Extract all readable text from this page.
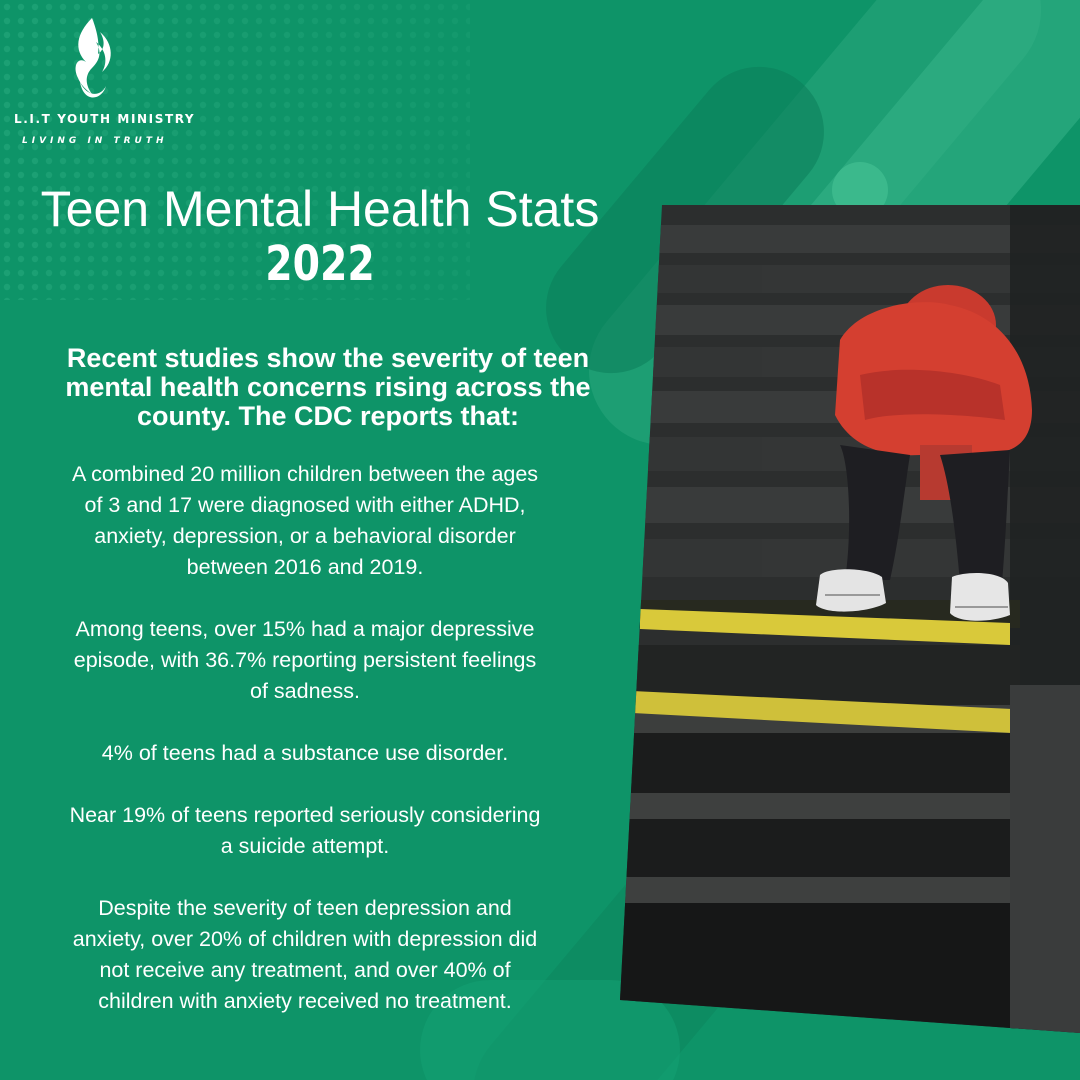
L.I.T YOUTH MINISTRY
LIVING IN TRUTH
Teen Mental Health Stats
2022
Recent studies show the severity of teen mental health concerns rising across the county. The CDC reports that:

A combined 20 million children between the ages of 3 and 17 were diagnosed with either ADHD, anxiety, depression, or a behavioral disorder between 2016 and 2019.

Among teens, over 15% had a major depressive episode, with 36.7% reporting persistent feelings of sadness.

4% of teens had a substance use disorder.

Near 19% of teens reported seriously considering a suicide attempt.

Despite the severity of teen depression and anxiety, over 20% of children with depression did not receive any treatment, and over 40% of children with anxiety received no treatment.
